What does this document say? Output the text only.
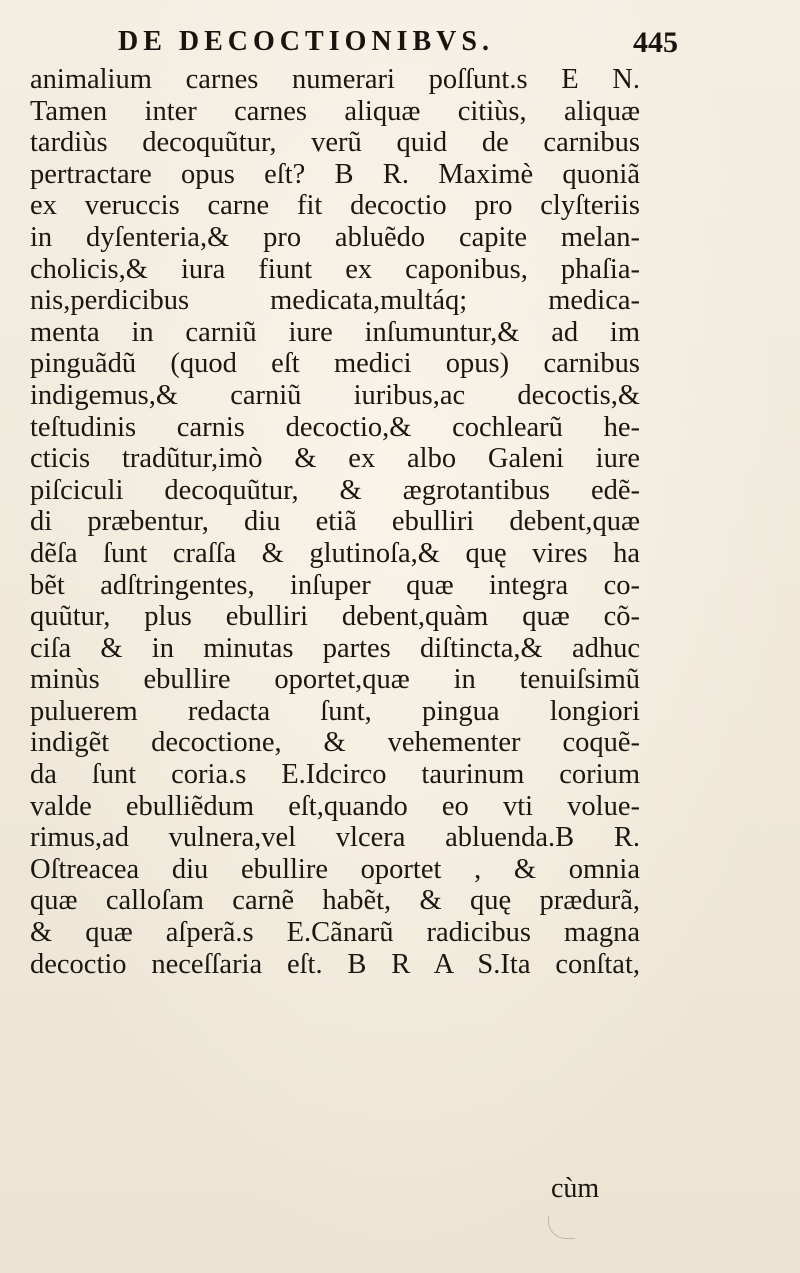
DE DECOCTIONIBVS.	445
animalium carnes numerari poſſunt.s E N.
Tamen inter carnes aliquæ citiùs, aliquæ
tardiùs decoquũtur, verũ quid de carnibus
pertractare opus eſt? B R. Maximè quoniã
ex veruccis carne fit decoctio pro clyſteriis
in dyſenteria,& pro abluẽdo capite melan-
cholicis,& iura fiunt ex caponibus, phaſia-
nis,perdicibus medicata,multáq; medica-
menta in carniũ iure inſumuntur,& ad im
pinguãdũ (quod eſt medici opus) carnibus
indigemus,& carniũ iuribus,ac decoctis,&
teſtudinis carnis decoctio,& cochlearũ he-
cticis tradũtur,imò & ex albo Galeni iure
piſciculi decoquũtur, & ægrotantibus edẽ-
di præbentur, diu etiã ebulliri debent,quæ
dẽſa ſunt craſſa & glutinoſa,& quę vires ha
bẽt adſtringentes, inſuper quæ integra co-
quũtur, plus ebulliri debent,quàm quæ cõ-
ciſa & in minutas partes diſtincta,& adhuc
minùs ebullire oportet,quæ in tenuiſsimũ
puluerem redacta ſunt, pingua longiori
indigẽt decoctione, & vehementer coquẽ-
da ſunt coria.s E.Idcirco taurinum corium
valde ebulliẽdum eſt,quando eo vti volue-
rimus,ad vulnera,vel vlcera abluenda.B R.
Oſtreacea diu ebullire oportet , & omnia
quæ calloſam carnẽ habẽt, & quę prædurã,
& quæ aſperã.s E.Cãnarũ radicibus magna
decoctio neceſſaria eſt. B R A S.Ita conſtat,
cùm
